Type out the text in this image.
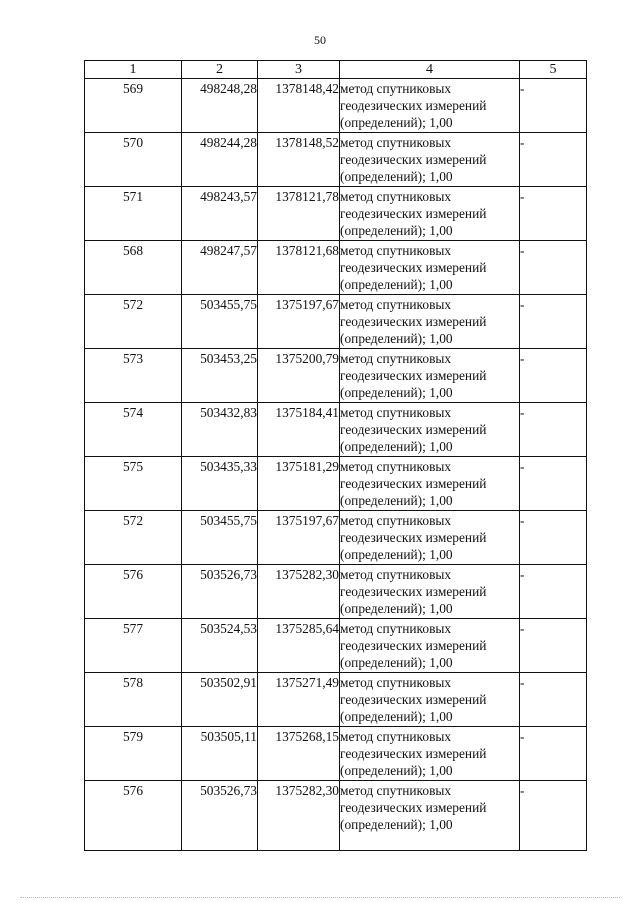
50
1	2	3	4	5
569	498248,28	1378148,42	метод спутниковых
геодезических измерений
(определений); 1,00	-
570	498244,28	1378148,52	метод спутниковых
геодезических измерений
(определений); 1,00	-
571	498243,57	1378121,78	метод спутниковых
геодезических измерений
(определений); 1,00	-
568	498247,57	1378121,68	метод спутниковых
геодезических измерений
(определений); 1,00	-
572	503455,75	1375197,67	метод спутниковых
геодезических измерений
(определений); 1,00	-
573	503453,25	1375200,79	метод спутниковых
геодезических измерений
(определений); 1,00	-
574	503432,83	1375184,41	метод спутниковых
геодезических измерений
(определений); 1,00	-
575	503435,33	1375181,29	метод спутниковых
геодезических измерений
(определений); 1,00	-
572	503455,75	1375197,67	метод спутниковых
геодезических измерений
(определений); 1,00	-
576	503526,73	1375282,30	метод спутниковых
геодезических измерений
(определений); 1,00	-
577	503524,53	1375285,64	метод спутниковых
геодезических измерений
(определений); 1,00	-
578	503502,91	1375271,49	метод спутниковых
геодезических измерений
(определений); 1,00	-
579	503505,11	1375268,15	метод спутниковых
геодезических измерений
(определений); 1,00	-
576	503526,73	1375282,30	метод спутниковых
геодезических измерений
(определений); 1,00	-
